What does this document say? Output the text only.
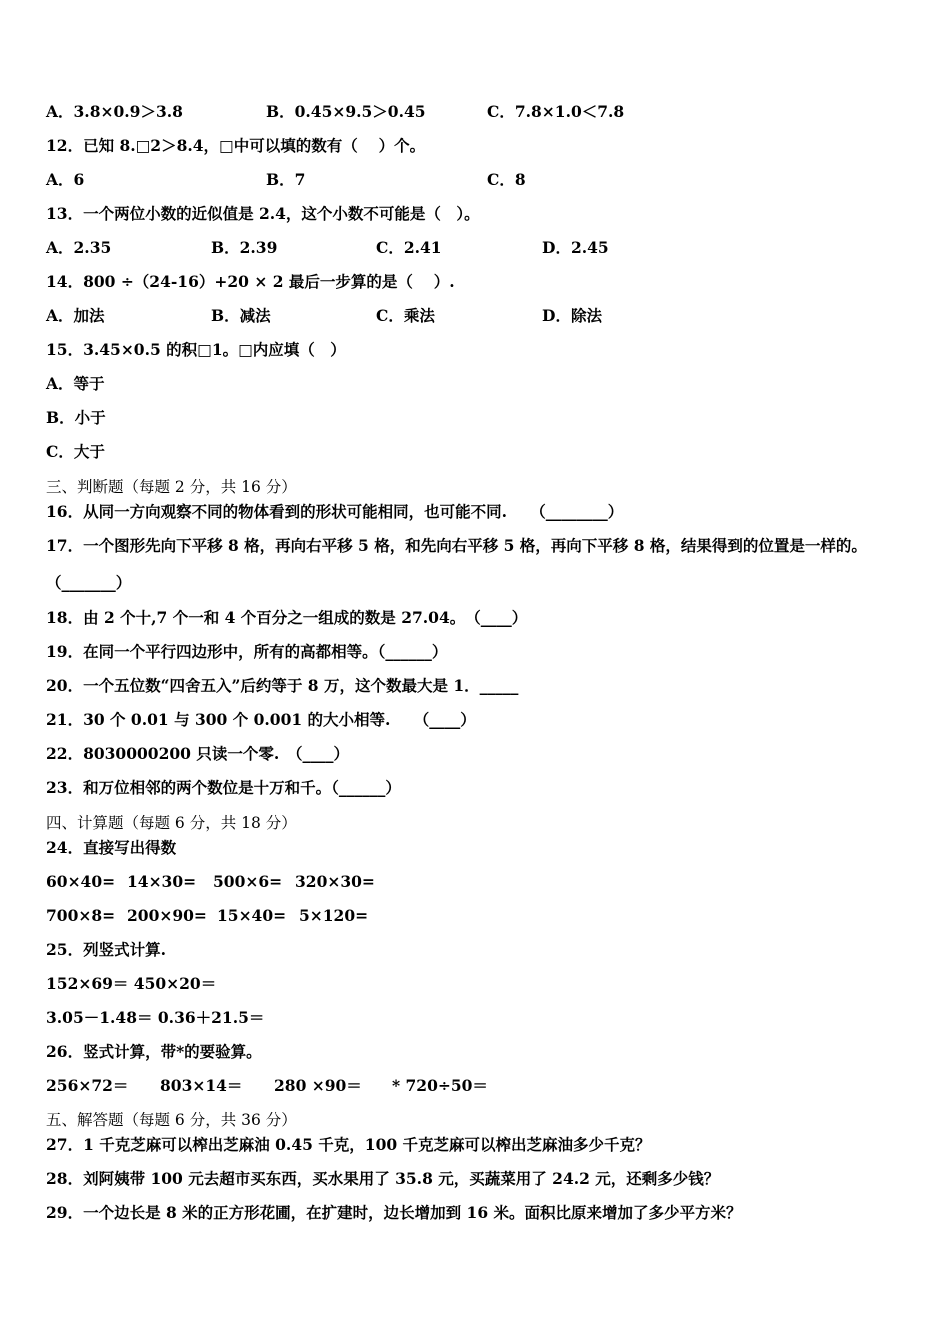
A．3.8×0.9＞3.8	B．0.45×9.5＞0.45	C．7.8×1.0＜7.8
12．已知 8.□2＞8.4，□中可以填的数有（　 ）个。
A．6	B．7	C．8
13．一个两位小数的近似值是 2.4，这个小数不可能是（　）。
A．2.35	B．2.39	C．2.41	D．2.45
14．800 ÷（24-16）+20 × 2 最后一步算的是（　 ）.
A．加法	B．减法	C．乘法	D．除法
15．3.45×0.5 的积□1。□内应填（　）
A．等于
B．小于
C．大于
三、判断题（每题 2 分，共 16 分）
16．从同一方向观察不同的物体看到的形状可能相同，也可能不同.　　（________）
17．一个图形先向下平移 8 格，再向右平移 5 格，和先向右平移 5 格，再向下平移 8 格，结果得到的位置是一样的。
（_______）
18．由 2 个十,7 个一和 4 个百分之一组成的数是 27.04。　（____）
19．在同一个平行四边形中，所有的高都相等。（______）
20．一个五位数“四舍五入”后约等于 8 万，这个数最大是 1．_____
21．30 个 0.01 与 300 个 0.001 的大小相等.　　（____）
22．8030000200 只读一个零.　（____）
23．和万位相邻的两个数位是十万和千。（______）
四、计算题（每题 6 分，共 18 分）
24．直接写出得数
60×40= 14×30= 500×6= 320×30=
700×8= 200×90= 15×40= 5×120=
25．列竖式计算.
152×69＝ 450×20＝
3.05－1.48＝ 0.36＋21.5＝
26．竖式计算，带*的要验算。
256×72＝ 803×14＝ 280 ×90＝ * 720÷50＝
五、解答题（每题 6 分，共 36 分）
27．1 千克芝麻可以榨出芝麻油 0.45 千克，100 千克芝麻可以榨出芝麻油多少千克？
28．刘阿姨带 100 元去超市买东西，买水果用了 35.8 元，买蔬菜用了 24.2 元，还剩多少钱？
29．一个边长是 8 米的正方形花圃，在扩建时，边长增加到 16 米。面积比原来增加了多少平方米？
